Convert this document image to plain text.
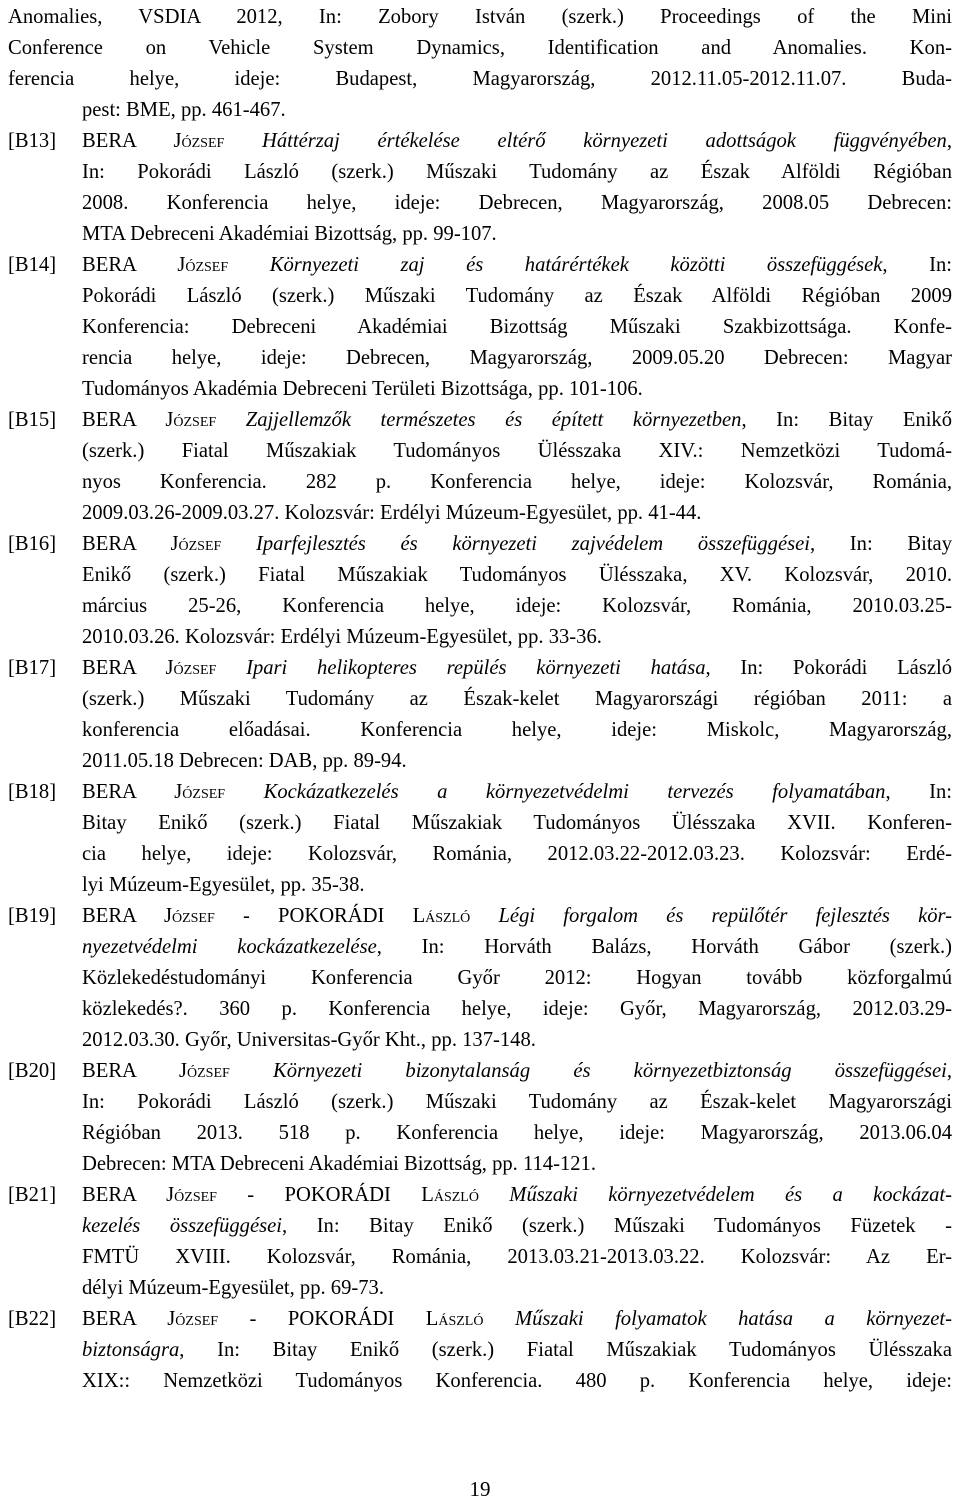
Anomalies, VSDIA 2012, In: Zobory István (szerk.) Proceedings of the Mini
Conference on Vehicle System Dynamics, Identification and Anomalies. Kon-
ferencia helye, ideje: Budapest, Magyarország, 2012.11.05-2012.11.07. Buda-
pest: BME, pp. 461-467.
[B13] BERA József Háttérzaj értékelése eltérő környezeti adottságok függvényében,
In: Pokorádi László (szerk.) Műszaki Tudomány az Észak Alföldi Régióban
2008. Konferencia helye, ideje: Debrecen, Magyarország, 2008.05 Debrecen:
MTA Debreceni Akadémiai Bizottság, pp. 99-107.
[B14] BERA József Környezeti zaj és határértékek közötti összefüggések, In:
Pokorádi László (szerk.) Műszaki Tudomány az Észak Alföldi Régióban 2009
Konferencia: Debreceni Akadémiai Bizottság Műszaki Szakbizottsága. Konfe-
rencia helye, ideje: Debrecen, Magyarország, 2009.05.20 Debrecen: Magyar
Tudományos Akadémia Debreceni Területi Bizottsága, pp. 101-106.
[B15] BERA József Zajjellemzők természetes és épített környezetben, In: Bitay Enikő
(szerk.) Fiatal Műszakiak Tudományos Ülésszaka XIV.: Nemzetközi Tudomá-
nyos Konferencia. 282 p. Konferencia helye, ideje: Kolozsvár, Románia,
2009.03.26-2009.03.27. Kolozsvár: Erdélyi Múzeum-Egyesület, pp. 41-44.
[B16] BERA József Iparfejlesztés és környezeti zajvédelem összefüggései, In: Bitay
Enikő (szerk.) Fiatal Műszakiak Tudományos Ülésszaka, XV. Kolozsvár, 2010.
március 25-26, Konferencia helye, ideje: Kolozsvár, Románia, 2010.03.25-
2010.03.26. Kolozsvár: Erdélyi Múzeum-Egyesület, pp. 33-36.
[B17] BERA József Ipari helikopteres repülés környezeti hatása, In: Pokorádi László
(szerk.) Műszaki Tudomány az Észak-kelet Magyarországi régióban 2011: a
konferencia előadásai. Konferencia helye, ideje: Miskolc, Magyarország,
2011.05.18 Debrecen: DAB, pp. 89-94.
[B18] BERA József Kockázatkezelés a környezetvédelmi tervezés folyamatában, In:
Bitay Enikő (szerk.) Fiatal Műszakiak Tudományos Ülésszaka XVII. Konferen-
cia helye, ideje: Kolozsvár, Románia, 2012.03.22-2012.03.23. Kolozsvár: Erdé-
lyi Múzeum-Egyesület, pp. 35-38.
[B19] BERA József - POKORÁDI László Légi forgalom és repülőtér fejlesztés kör-
nyezetvédelmi kockázatkezelése, In: Horváth Balázs, Horváth Gábor (szerk.)
Közlekedéstudományi Konferencia Győr 2012: Hogyan tovább közforgalmú
közlekedés?. 360 p. Konferencia helye, ideje: Győr, Magyarország, 2012.03.29-
2012.03.30. Győr, Universitas-Győr Kht., pp. 137-148.
[B20] BERA József Környezeti bizonytalanság és környezetbiztonság összefüggései,
In: Pokorádi László (szerk.) Műszaki Tudomány az Észak-kelet Magyarországi
Régióban 2013. 518 p. Konferencia helye, ideje: Magyarország, 2013.06.04
Debrecen: MTA Debreceni Akadémiai Bizottság, pp. 114-121.
[B21] BERA József - POKORÁDI László Műszaki környezetvédelem és a kockázat-
kezelés összefüggései, In: Bitay Enikő (szerk.) Műszaki Tudományos Füzetek -
FMTÜ XVIII. Kolozsvár, Románia, 2013.03.21-2013.03.22. Kolozsvár: Az Er-
délyi Múzeum-Egyesület, pp. 69-73.
[B22] BERA József - POKORÁDI László Műszaki folyamatok hatása a környezet-
biztonságra, In: Bitay Enikő (szerk.) Fiatal Műszakiak Tudományos Ülésszaka
XIX:: Nemzetközi Tudományos Konferencia. 480 p. Konferencia helye, ideje:
19
